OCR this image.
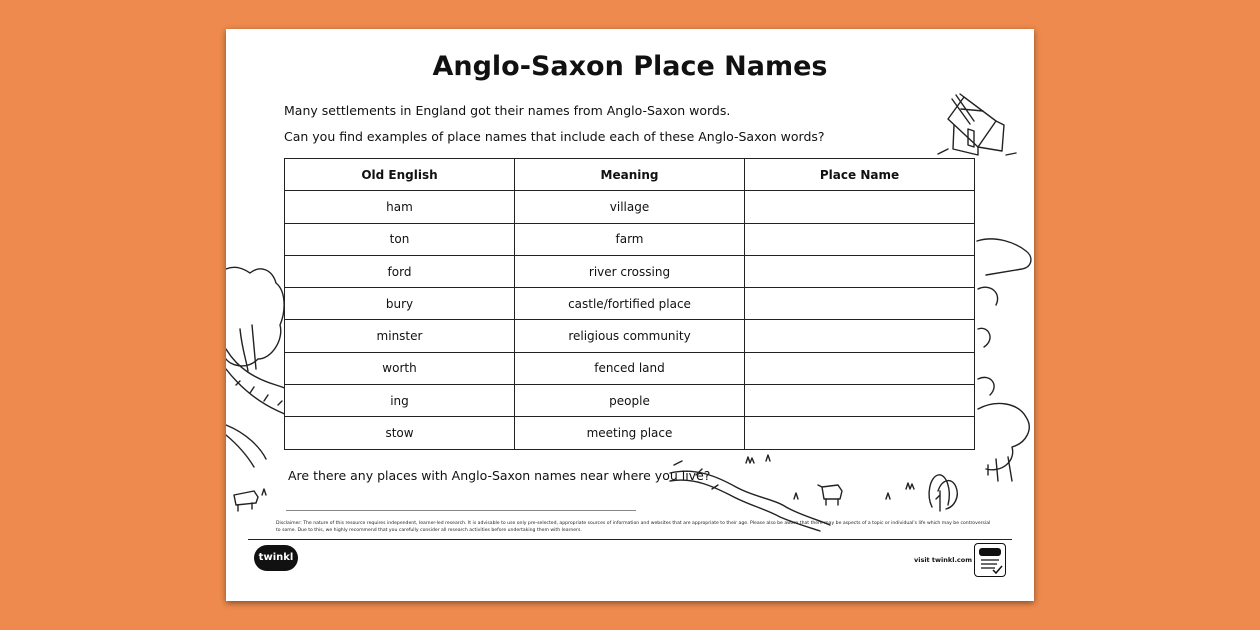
Anglo-Saxon Place Names
Many settlements in England got their names from Anglo-Saxon words.
Can you find examples of place names that include each of these Anglo-Saxon words?
Old English	Meaning	Place Name
ham	village	
ton	farm	
ford	river crossing	
bury	castle/fortified place	
minster	religious community	
worth	fenced land	
ing	people	
stow	meeting place	
Are there any places with Anglo-Saxon names near where you live?
Disclaimer: The nature of this resource requires independent, learner-led research. It is advisable to use only pre-selected, appropriate sources of information and websites that are appropriate to their age. Please also be aware that there may be aspects of a topic or individual's life which may be controversial to some. Due to this, we highly recommend that you carefully consider all research activities before undertaking them with learners.
twinkl	visit twinkl.com
